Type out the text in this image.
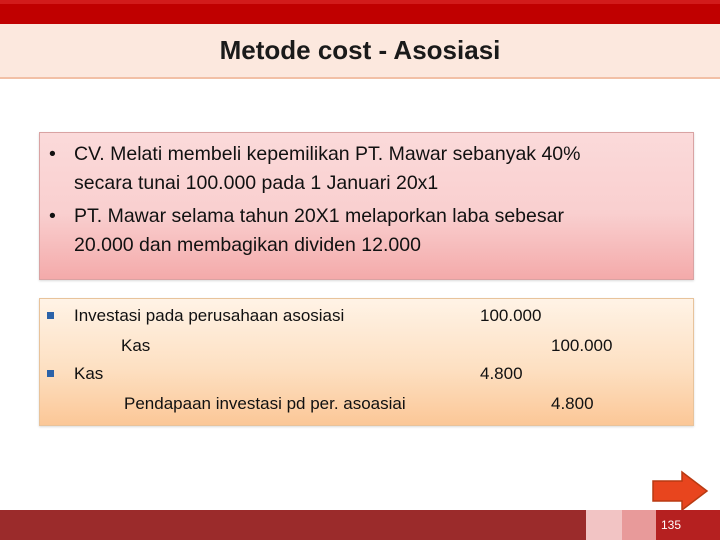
Metode cost - Asosiasi
• CV. Melati membeli kepemilikan PT. Mawar sebanyak 40%
secara tunai 100.000 pada 1 Januari 20x1
• PT. Mawar selama tahun 20X1 melaporkan laba sebesar
20.000 dan membagikan dividen 12.000
Investasi pada perusahaan asosiasi	100.000
Kas	100.000
Kas	4.800
Pendapaan investasi pd per. asoasiai	4.800
135
